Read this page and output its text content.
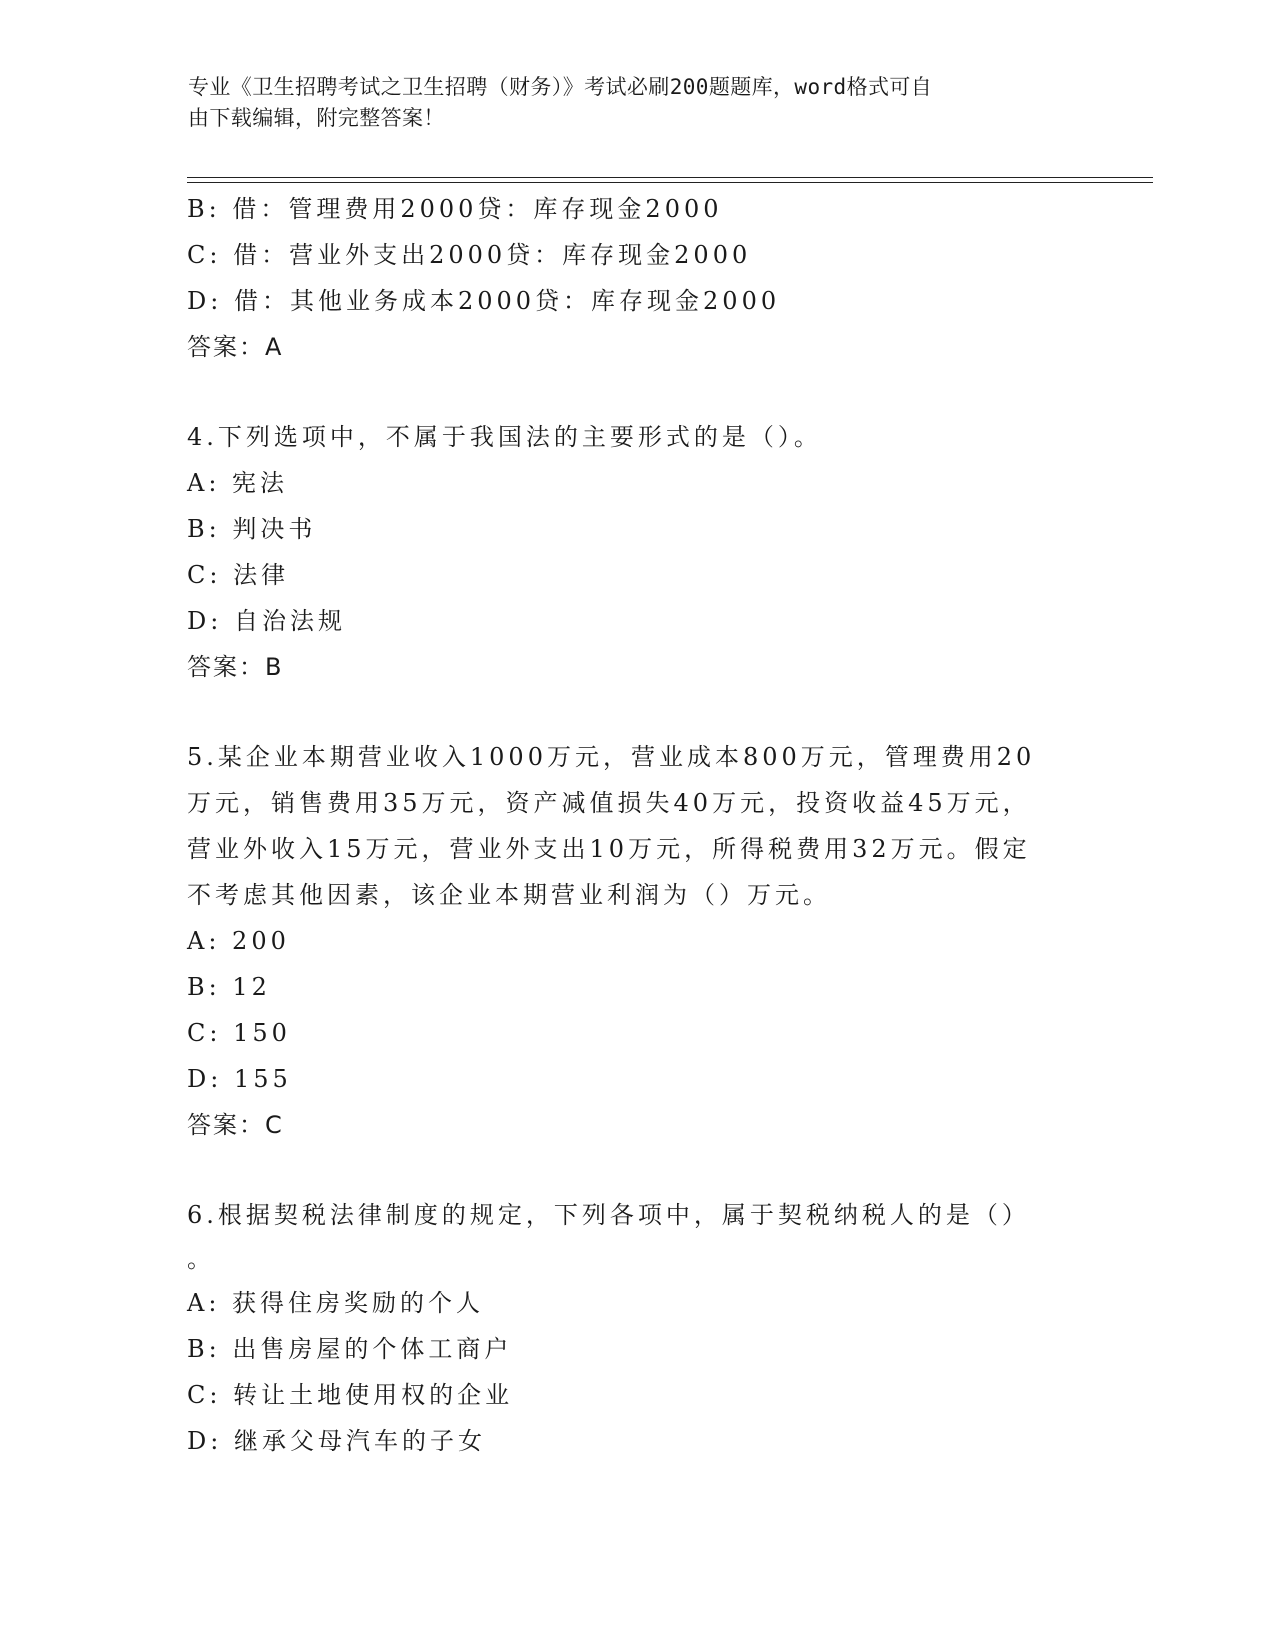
专业《卫生招聘考试之卫生招聘（财务）》考试必刷200题题库，word格式可自
由下载编辑，附完整答案！
B: 借：管理费用2000贷：库存现金2000
C: 借：营业外支出2000贷：库存现金2000
D: 借：其他业务成本2000贷：库存现金2000
答案：A
4.下列选项中，不属于我国法的主要形式的是（）。
A: 宪法
B: 判决书
C: 法律
D: 自治法规
答案：B
5.某企业本期营业收入1000万元，营业成本800万元，管理费用20
万元，销售费用35万元，资产减值损失40万元，投资收益45万元，
营业外收入15万元，营业外支出10万元，所得税费用32万元。假定
不考虑其他因素，该企业本期营业利润为（）万元。
A: 200
B: 12
C: 150
D: 155
答案：C
6.根据契税法律制度的规定，下列各项中，属于契税纳税人的是（）
。
A: 获得住房奖励的个人
B: 出售房屋的个体工商户
C: 转让土地使用权的企业
D: 继承父母汽车的子女
